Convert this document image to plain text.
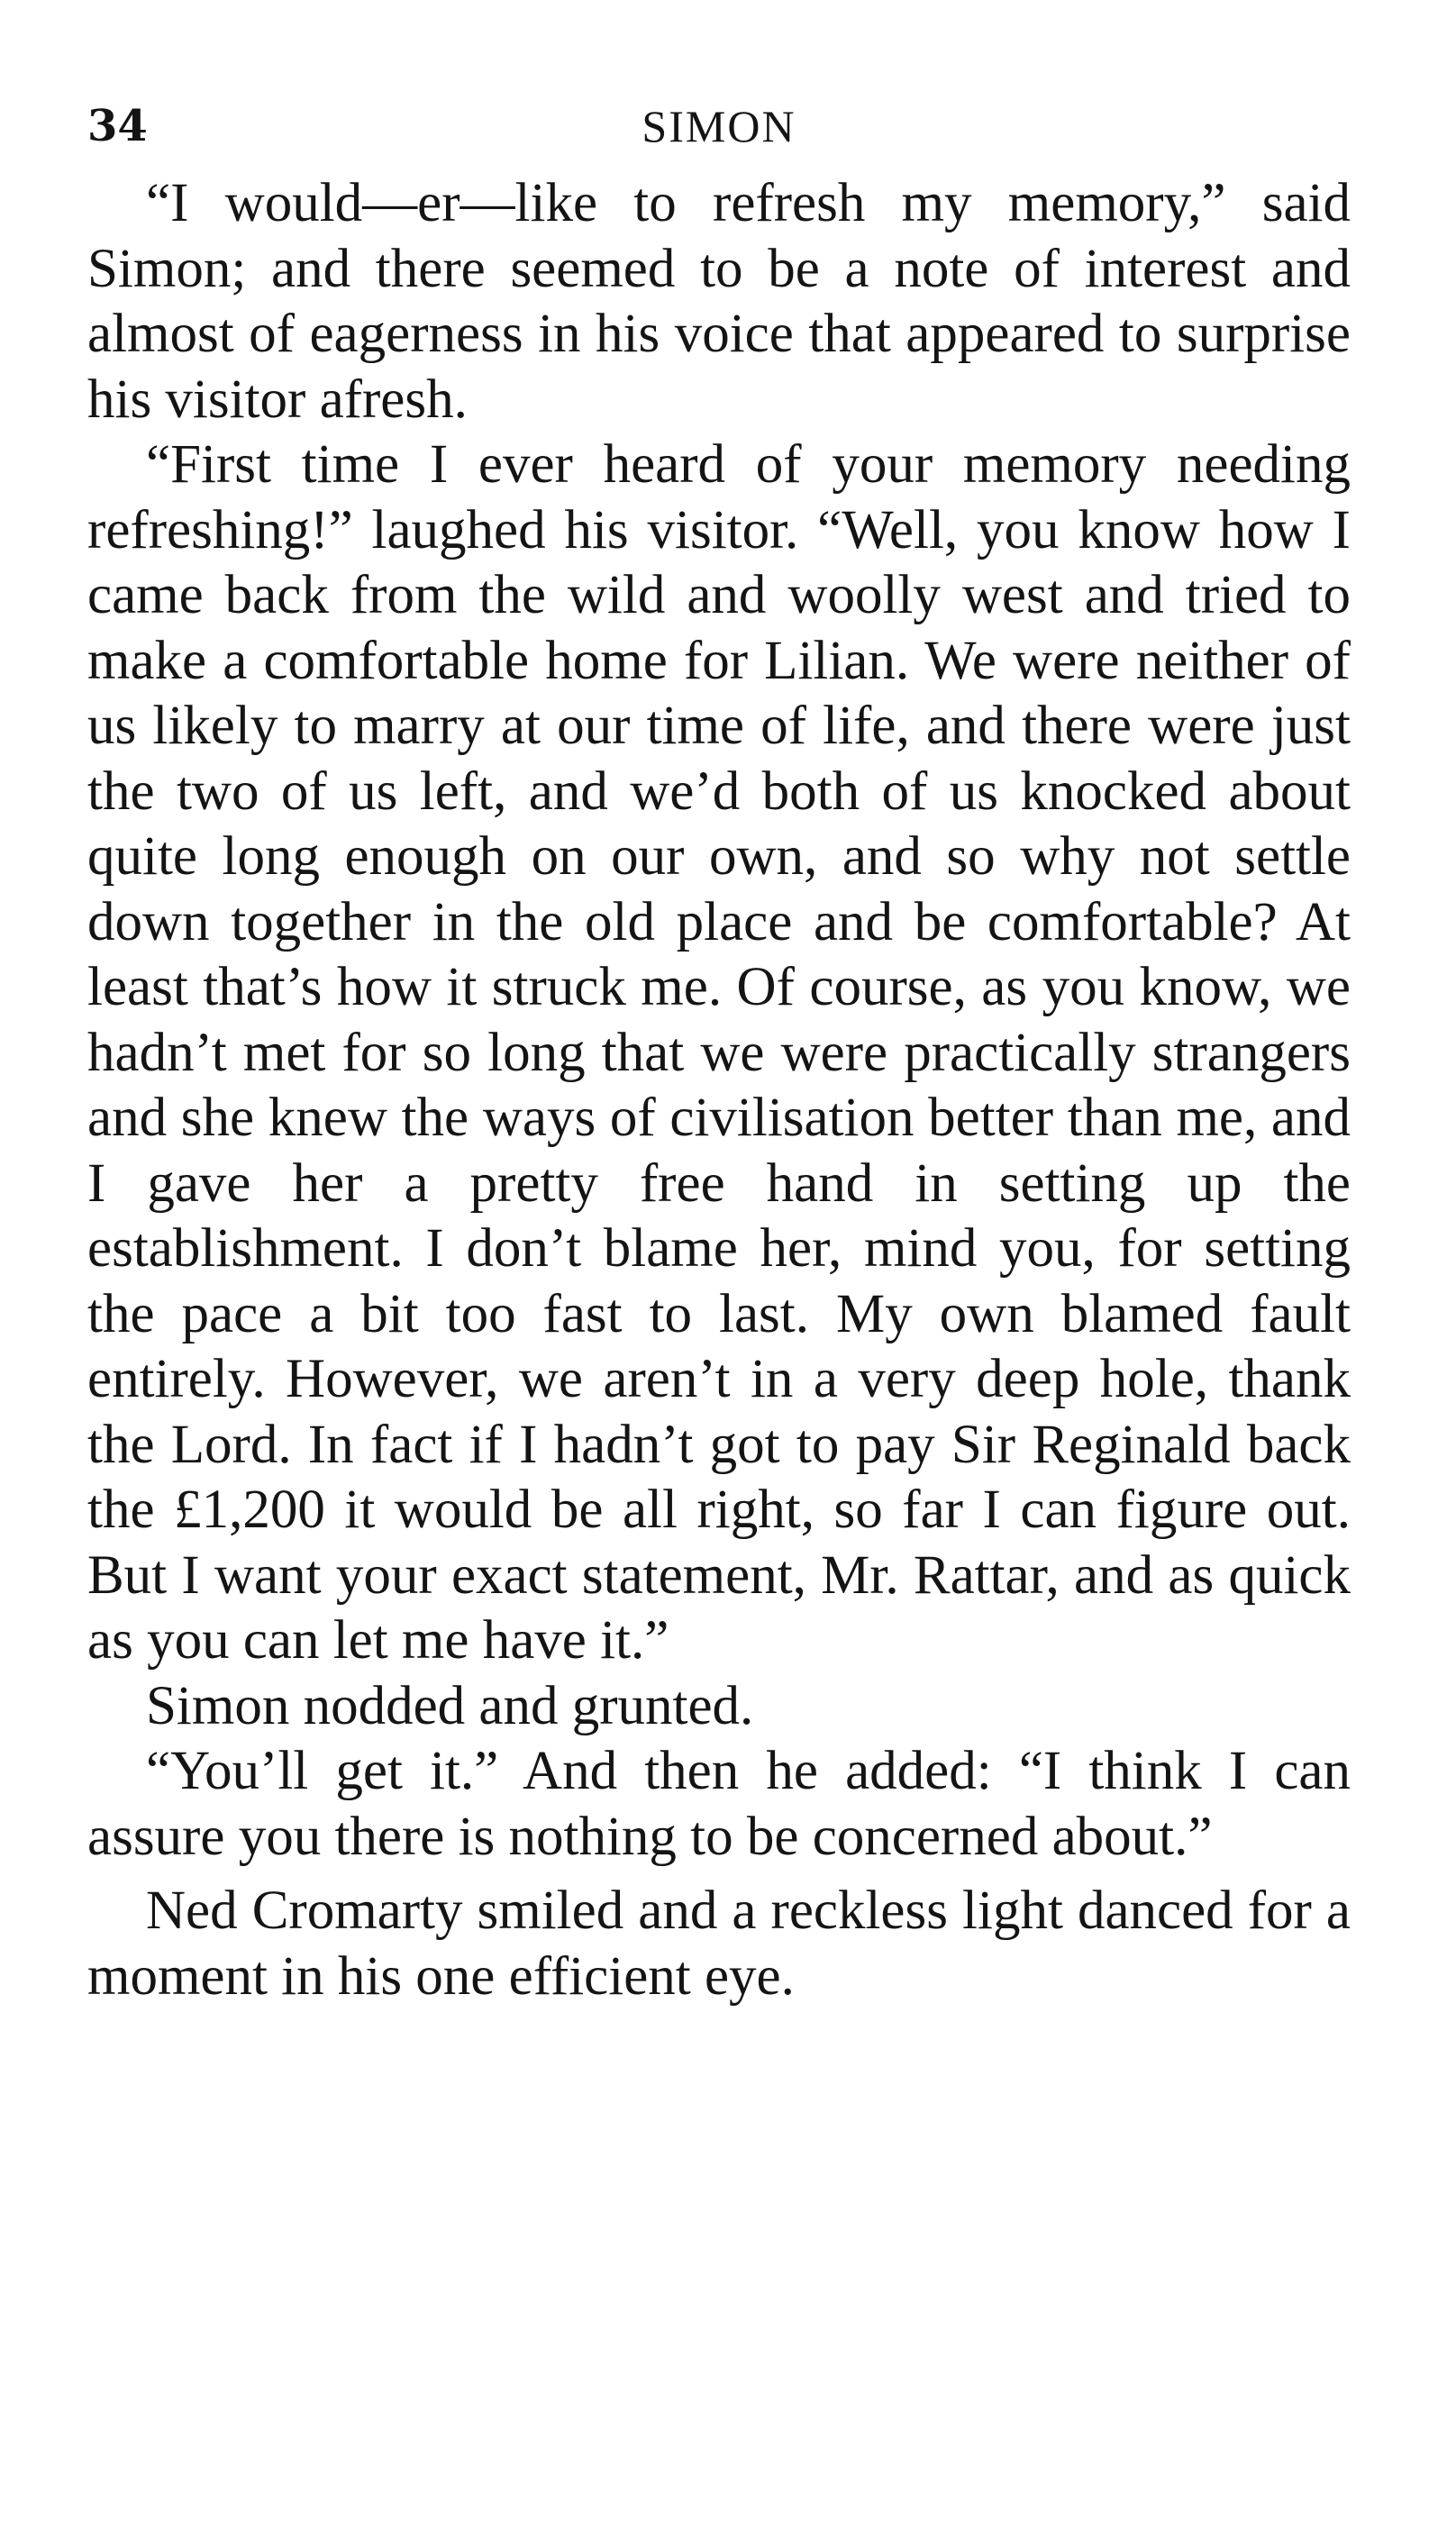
34	SIMON

“I would—er—like to refresh my memory,” said Simon; and there seemed to be a note of interest and almost of eagerness in his voice that appeared to surprise his visitor afresh.

“First time I ever heard of your memory needing refreshing!” laughed his visitor. “Well, you know how I came back from the wild and woolly west and tried to make a comfortable home for Lilian. We were neither of us likely to marry at our time of life, and there were just the two of us left, and we’d both of us knocked about quite long enough on our own, and so why not settle down together in the old place and be comfortable? At least that’s how it struck me. Of course, as you know, we hadn’t met for so long that we were practically strangers and she knew the ways of civilisation better than me, and I gave her a pretty free hand in setting up the establishment. I don’t blame her, mind you, for setting the pace a bit too fast to last. My own blamed fault entirely. However, we aren’t in a very deep hole, thank the Lord. In fact if I hadn’t got to pay Sir Reginald back the £1,200 it would be all right, so far I can figure out. But I want your exact statement, Mr. Rattar, and as quick as you can let me have it.”

Simon nodded and grunted.

“You’ll get it.” And then he added: “I think I can assure you there is nothing to be concerned about.”

Ned Cromarty smiled and a reckless light danced for a moment in his one efficient eye.
